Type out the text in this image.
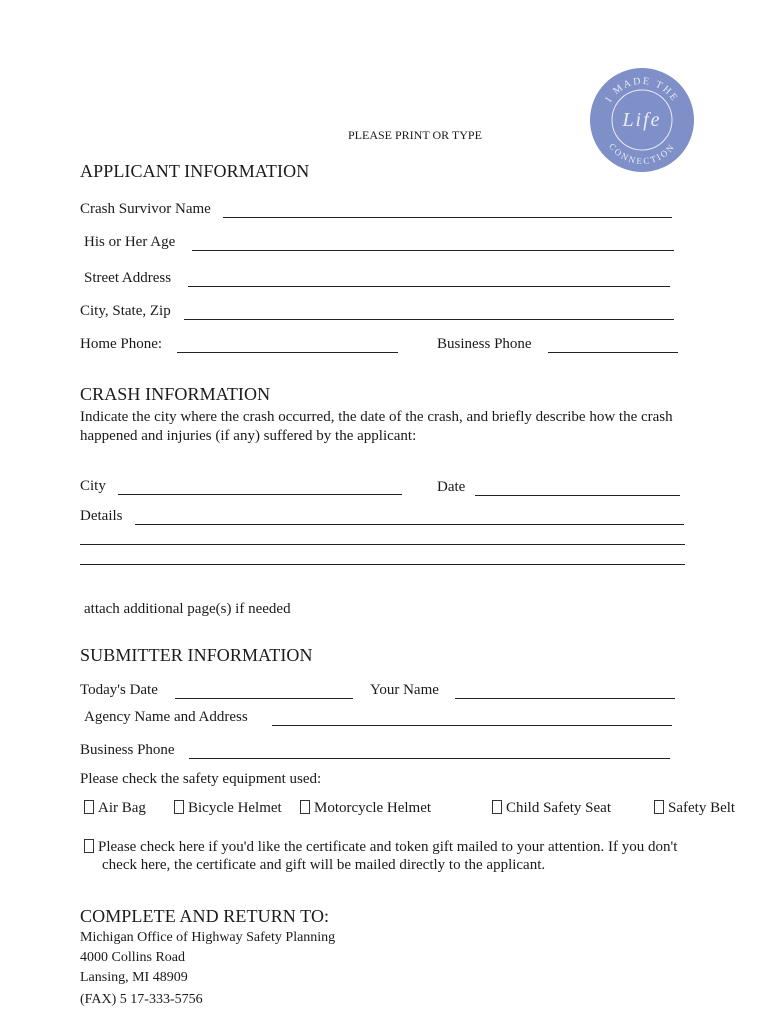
I MADE THE
Life
CONNECTION
PLEASE PRINT OR TYPE
APPLICANT INFORMATION
Crash Survivor Name
His or Her Age
Street Address
City, State, Zip
Home Phone:	Business Phone
CRASH INFORMATION
Indicate the city where the crash occurred, the date of the crash, and briefly describe how the crash
happened and injuries (if any) suffered by the applicant:
City	Date
Details
attach additional page(s) if needed
SUBMITTER INFORMATION
Today's Date	Your Name
Agency Name and Address
Business Phone
Please check the safety equipment used:
Air Bag	Bicycle Helmet	Motorcycle Helmet	Child Safety Seat	Safety Belt
Please check here if you'd like the certificate and token gift mailed to your attention. If you don't
check here, the certificate and gift will be mailed directly to the applicant.
COMPLETE AND RETURN TO:
Michigan Office of Highway Safety Planning
4000 Collins Road
Lansing, MI 48909
(FAX) 5 17-333-5756
